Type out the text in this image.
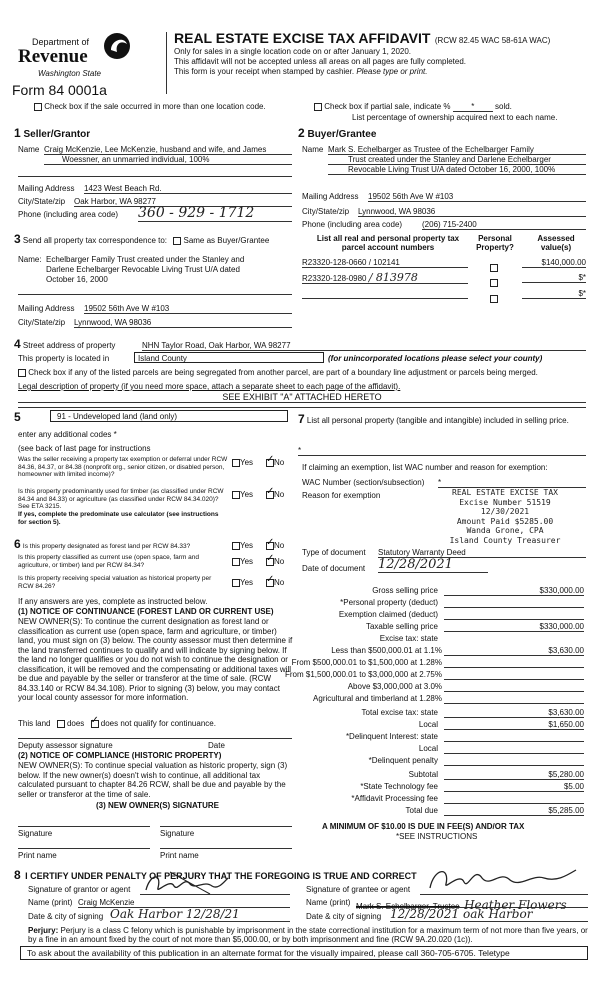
Department of
Revenue
Washington State
Form 84 0001a
REAL ESTATE EXCISE TAX AFFIDAVIT (RCW 82.45 WAC 58-61A WAC)
Only for sales in a single location code on or after January 1, 2020.
This affidavit will not be accepted unless all areas on all pages are fully completed.
This form is your receipt when stamped by cashier. Please type or print.
Check box if the sale occurred in more than one location code.	Check box if partial sale, indicate %	*	sold.
List percentage of ownership acquired next to each name.
1 Seller/Grantor
Name Craig McKenzie, Lee McKenzie, husband and wife, and James
Woessner, an unmarried individual, 100%
Mailing Address 1423 West Beach Rd.
City/State/zip Oak Harbor, WA 98277
Phone (including area code) 360 - 929 - 1712
2 Buyer/Grantee
Name Mark S. Echelbarger as Trustee of the Echelbarger Family
Trust created under the Stanley and Darlene Echelbarger
Revocable Living Trust U/A dated October 16, 2000, 100%
Mailing Address 19502 56th Ave W #103
City/State/zip Lynnwood, WA 98036
Phone (including area code) (206) 715-2400
3 Send all property tax correspondence to: Same as Buyer/Grantee
Name: Echelbarger Family Trust created under the Stanley and
Darlene Echelbarger Revocable Living Trust U/A dated
October 16, 2000
Mailing Address 19502 56th Ave W #103
City/State/zip Lynnwood, WA 98036
List all real and personal property tax
parcel account numbers
Personal
Property?
Assessed
value(s)
R23320-128-0660 / 102141	$140,000.00
R23320-128-0980 / 813978	$*
$*
4 Street address of property	NHN Taylor Road, Oak Harbor, WA 98277
This property is located in	Island County	(for unincorporated locations please select your county)
Check box if any of the listed parcels are being segregated from another parcel, are part of a boundary line adjustment or parcels being merged.
Legal description of property (if you need more space, attach a separate sheet to each page of the affidavit).
SEE EXHIBIT "A" ATTACHED HERETO
5	91 - Undeveloped land (land only)
enter any additional codes *
(see back of last page for instructions
Was the seller receiving a property tax exemption or deferral under RCW 84.36, 84.37, or 84.38 (nonprofit org., senior citizen, or disabled person, homeowner with limited income)?
Yes ✓	No
Is this property predominantly used for timber (as classified under RCW 84.34 and 84.33) or agriculture (as classified under RCW 84.34.020)? See ETA 3215.
If yes, complete the predominate use calculator (see instructions for section 5).
Yes ✓	No
6 Is this property designated as forest land per RCW 84.33?	Yes ✓	No
Is this property classified as current use (open space, farm and agriculture, or timber) land per RCW 84.34?	Yes ✓	No
Is this property receiving special valuation as historical property per RCW 84.26?	Yes ✓	No
If any answers are yes, complete as instructed below.
(1) NOTICE OF CONTINUANCE (FOREST LAND OR CURRENT USE)
NEW OWNER(S): To continue the current designation as forest land or classification as current use (open space, farm and agriculture, or timber) land, you must sign on (3) below. The county assessor must then determine if the land transferred continues to qualify and will indicate by signing below. If the land no longer qualifies or you do not wish to continue the designation or classification, it will be removed and the compensating or additional taxes will be due and payable by the seller or transferor at the time of sale. (RCW 84.33.140 or RCW 84.34.108). Prior to signing (3) below, you may contact your local county assessor for more information.
This land does ✓ does not qualify for continuance.
Deputy assessor signature	Date
(2) NOTICE OF COMPLIANCE (HISTORIC PROPERTY)
NEW OWNER(S): To continue special valuation as historic property, sign (3) below. If the new owner(s) doesn't wish to continue, all additional tax calculated pursuant to chapter 84.26 RCW, shall be due and payable by the seller or transferor at the time of sale.
(3) NEW OWNER(S) SIGNATURE
Signature	Signature
Print name	Print name
7 List all personal property (tangible and intangible) included in selling price.
*
If claiming an exemption, list WAC number and reason for exemption:
WAC Number (section/subsection) *
Reason for exemption	REAL ESTATE EXCISE TAX
Excise Number 51519
12/30/2021
Amount Paid $5285.00
Wanda Grone, CPA
Island County Treasurer
Type of document Statutory Warranty Deed
Date of document 12/28/2021
Gross selling price	$330,000.00
*Personal property (deduct)
Exemption claimed (deduct)
Taxable selling price	$330,000.00
Excise tax: state
Less than $500,000.01 at 1.1%	$3,630.00
From $500,000.01 to $1,500,000 at 1.28%
From $1,500,000.01 to $3,000,000 at 2.75%
Above $3,000,000 at 3.0%
Agricultural and timberland at 1.28%
Total excise tax: state	$3,630.00
Local	$1,650.00
*Delinquent Interest: state
Local
*Delinquent penalty
Subtotal	$5,280.00
*State Technology fee	$5.00
*Affidavit Processing fee
Total due	$5,285.00
A MINIMUM OF $10.00 IS DUE IN FEE(S) AND/OR TAX
*SEE INSTRUCTIONS
8 I CERTIFY UNDER PENALTY OF PERJURY THAT THE FOREGOING IS TRUE AND CORRECT
Signature of grantor or agent	Signature of grantee or agent
Name (print) Craig McKenzie	Name (print) Mark S. Echelbarger, Trustee Heather Flowers
Date & city of signing Oak Harbor 12/28/21	Date & city of signing 12/28/2021 oak Harbor
Perjury: Perjury is a class C felony which is punishable by imprisonment in the state correctional institution for a maximum term of not more than five years, or by a fine in an amount fixed by the court of not more than $5,000.00, or by both imprisonment and fine (RCW 9A.20.020 (1c)).
To ask about the availability of this publication in an alternate format for the visually impaired, please call 360-705-6705. Teletype
